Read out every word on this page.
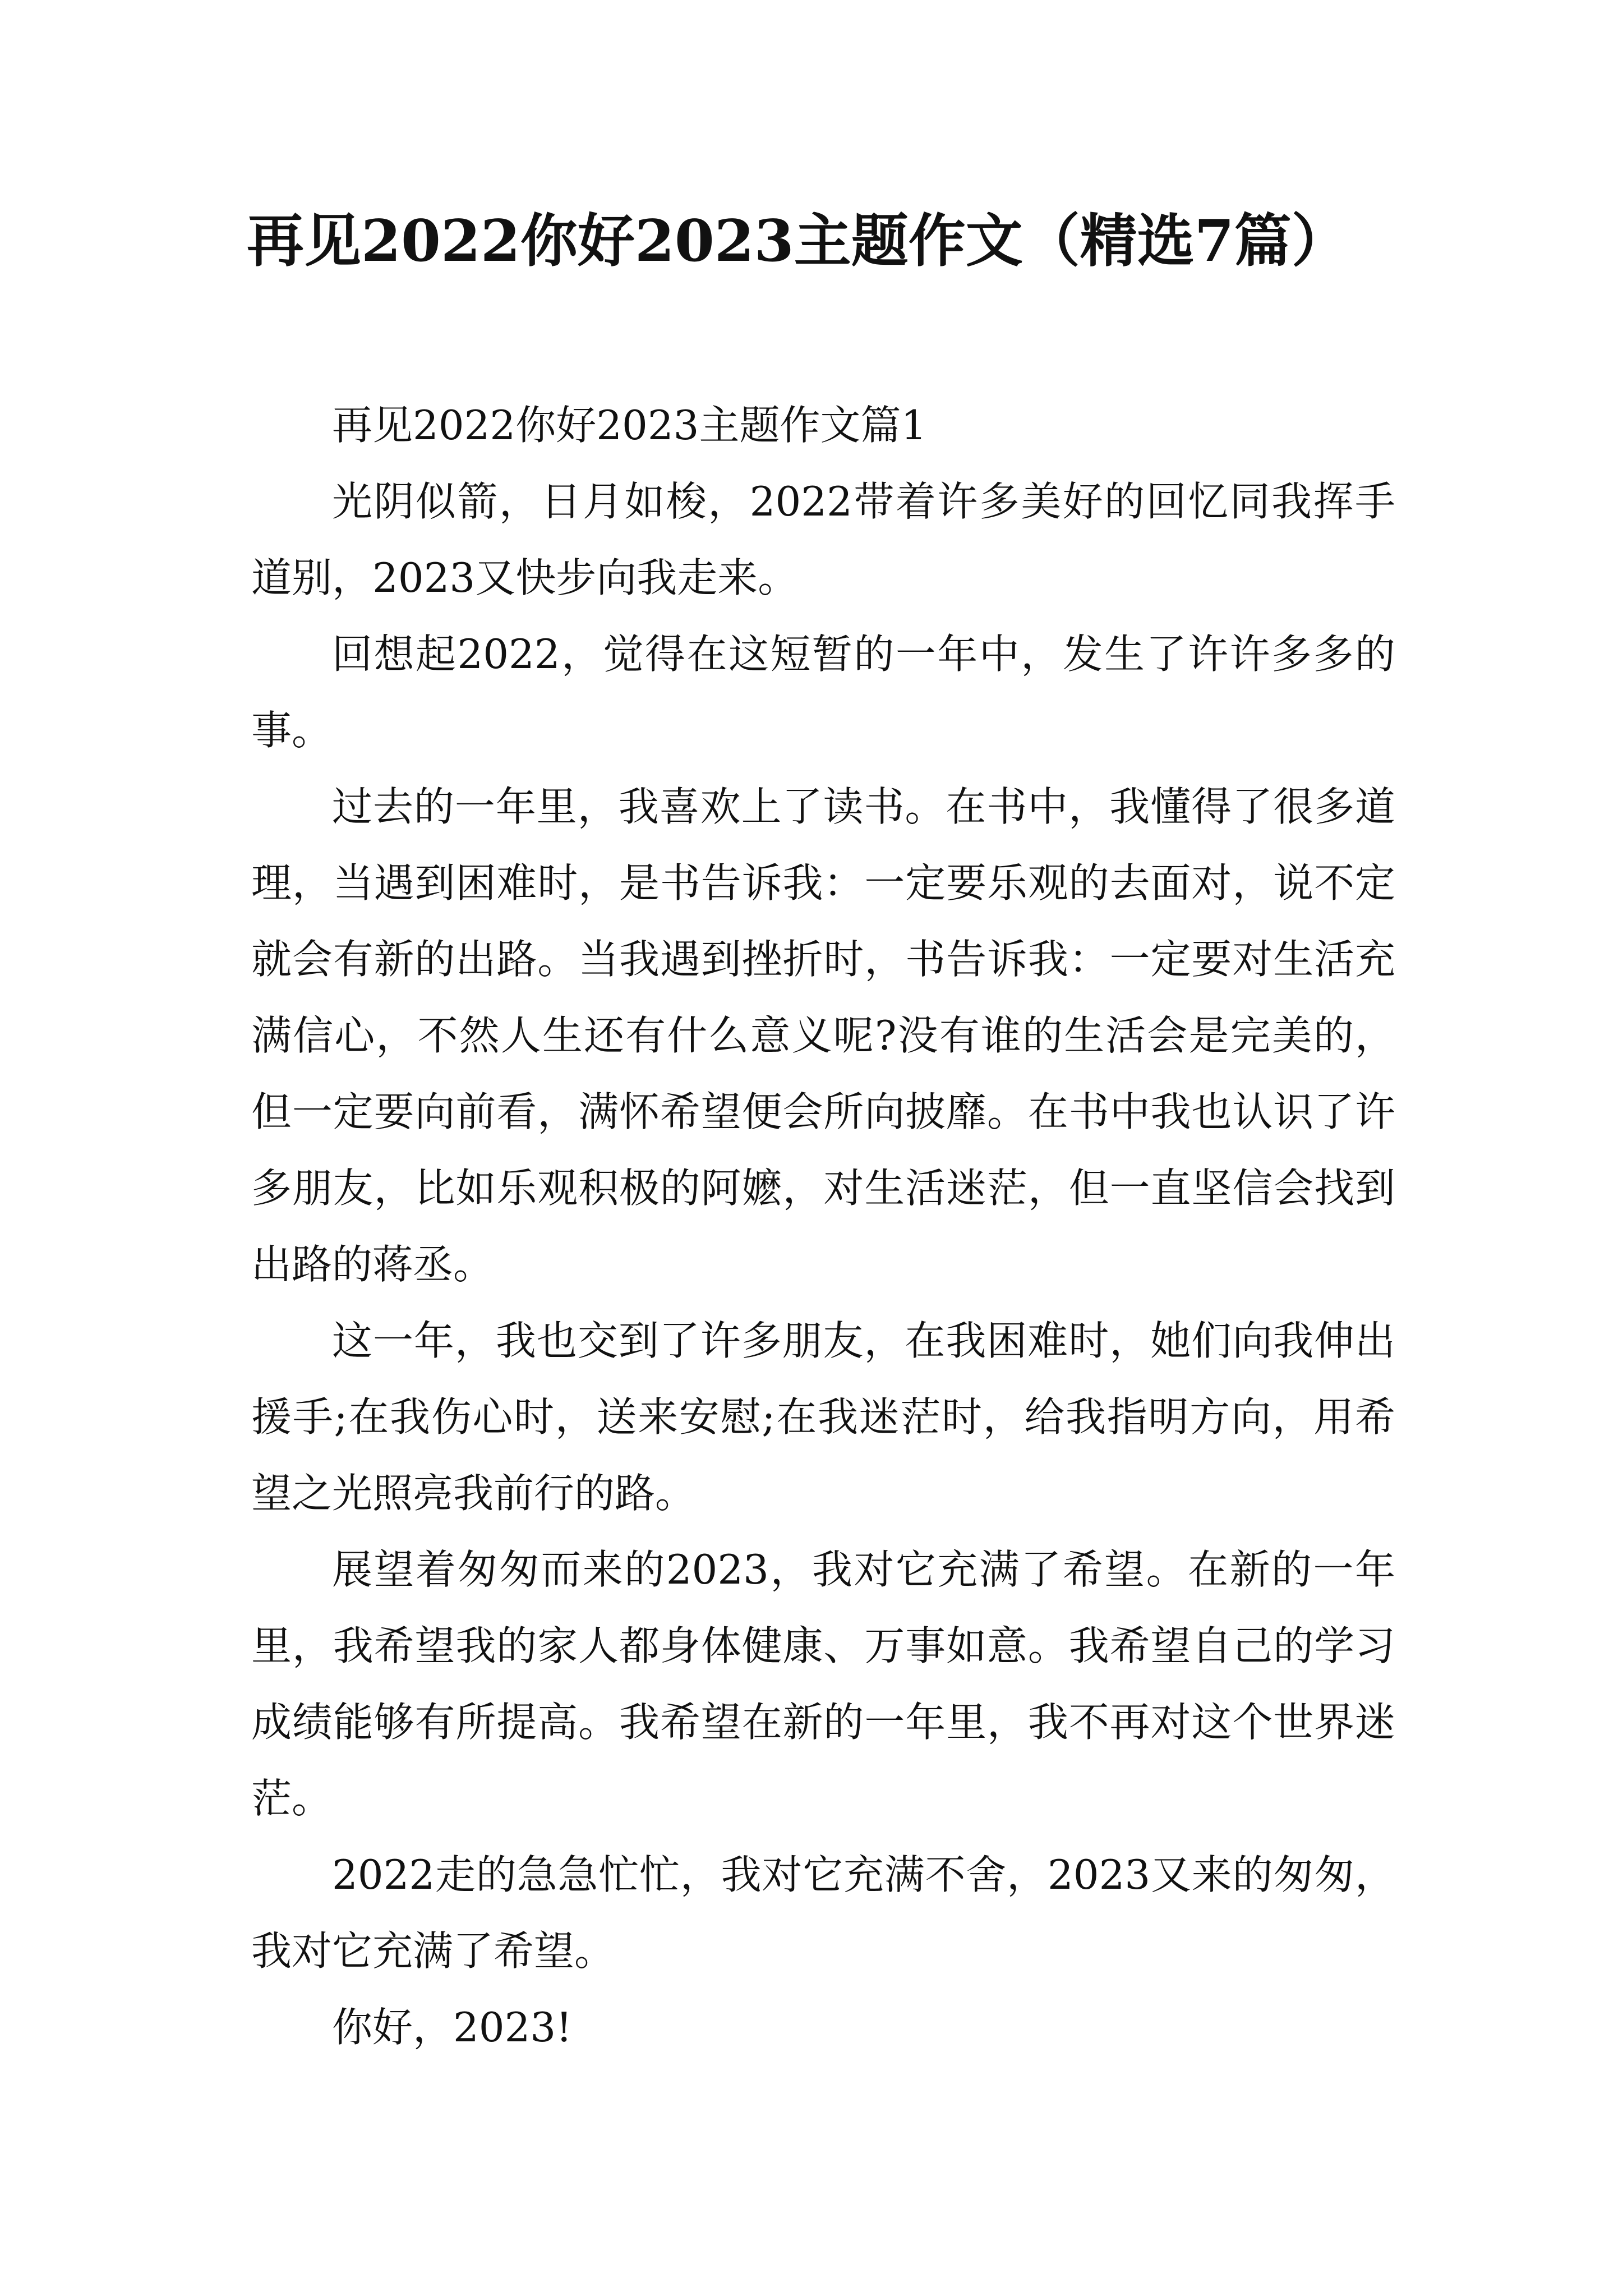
再见2022你好2023主题作文（精选7篇）

再见2022你好2023主题作文篇1

光阴似箭，日月如梭，2022带着许多美好的回忆同我挥手道别，2023又快步向我走来。

回想起2022，觉得在这短暂的一年中，发生了许许多多的事。

过去的一年里，我喜欢上了读书。在书中，我懂得了很多道理，当遇到困难时，是书告诉我：一定要乐观的去面对，说不定就会有新的出路。当我遇到挫折时，书告诉我：一定要对生活充满信心，不然人生还有什么意义呢?没有谁的生活会是完美的，但一定要向前看，满怀希望便会所向披靡。在书中我也认识了许多朋友，比如乐观积极的阿嬷，对生活迷茫，但一直坚信会找到出路的蒋丞。

这一年，我也交到了许多朋友，在我困难时，她们向我伸出援手;在我伤心时，送来安慰;在我迷茫时，给我指明方向，用希望之光照亮我前行的路。

展望着匆匆而来的2023，我对它充满了希望。在新的一年里，我希望我的家人都身体健康、万事如意。我希望自己的学习成绩能够有所提高。我希望在新的一年里，我不再对这个世界迷茫。

2022走的急急忙忙，我对它充满不舍，2023又来的匆匆，我对它充满了希望。

你好，2023!
